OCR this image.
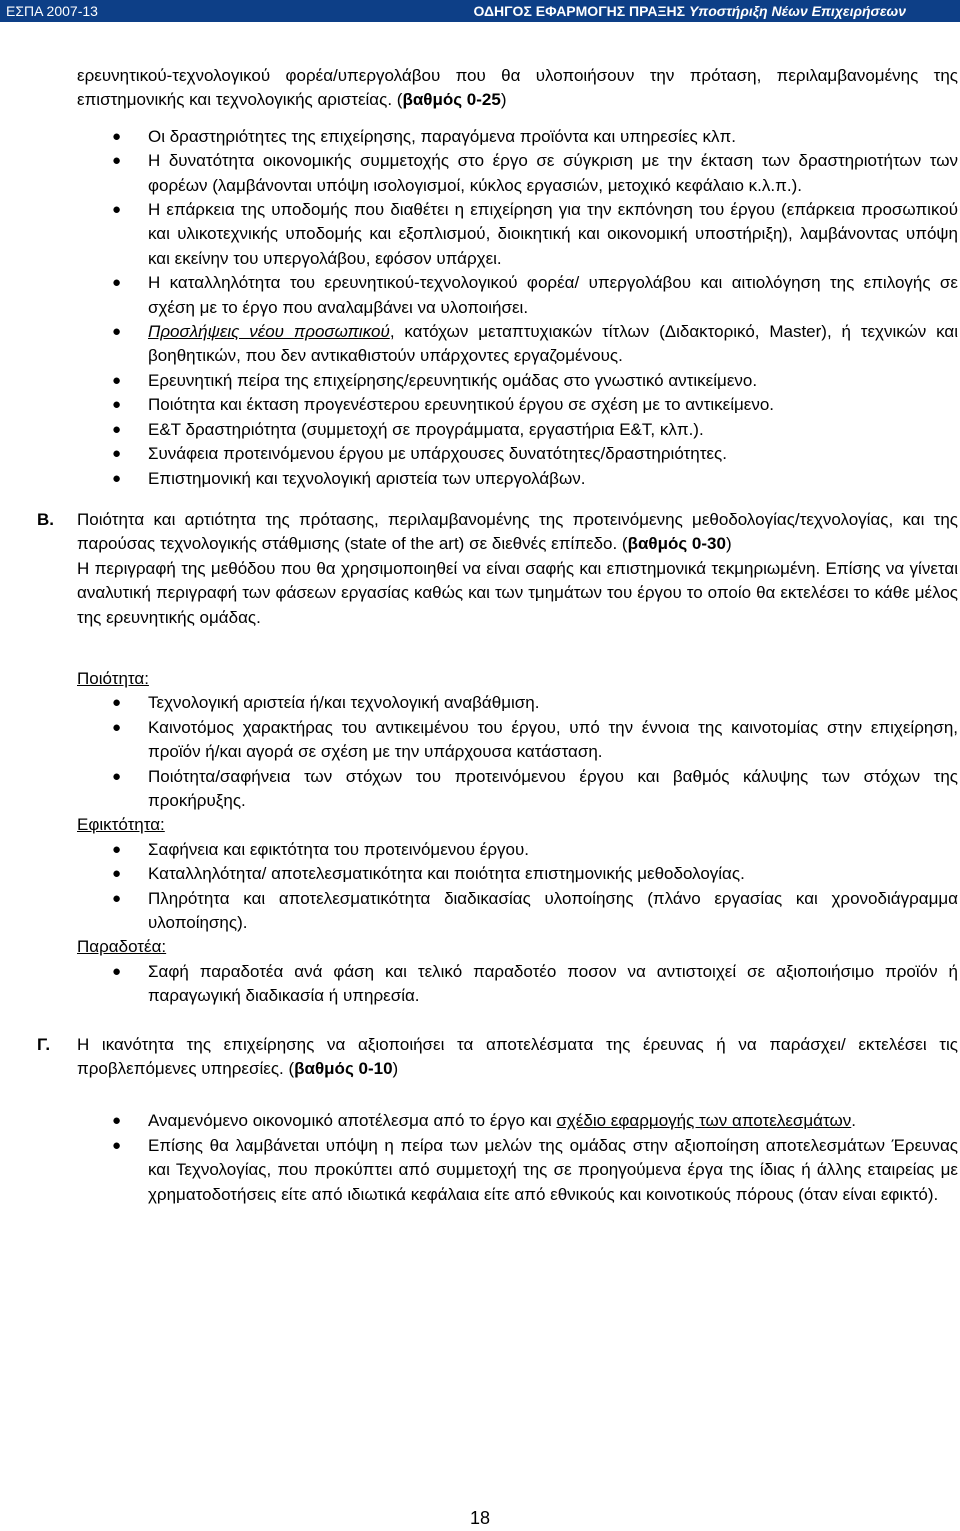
ΕΣΠΑ 2007-13	ΟΔΗΓΟΣ ΕΦΑΡΜΟΓΗΣ ΠΡΑΞΗΣ Υποστήριξη Νέων Επιχειρήσεων

ερευνητικού-τεχνολογικού φορέα/υπεργολάβου που θα υλοποιήσουν την πρόταση, περιλαμβανομένης της επιστημονικής και τεχνολογικής αριστείας. (βαθμός 0-25)

● Οι δραστηριότητες της επιχείρησης, παραγόμενα προϊόντα και υπηρεσίες κλπ.
● Η δυνατότητα οικονομικής συμμετοχής στο έργο σε σύγκριση με την έκταση των δραστηριοτήτων των φορέων (λαμβάνονται υπόψη ισολογισμοί, κύκλος εργασιών, μετοχικό κεφάλαιο κ.λ.π.).
● Η επάρκεια της υποδομής που διαθέτει η επιχείρηση για την εκπόνηση του έργου (επάρκεια προσωπικού και υλικοτεχνικής υποδομής και εξοπλισμού, διοικητική και οικονομική υποστήριξη), λαμβάνοντας υπόψη και εκείνην του υπεργολάβου, εφόσον υπάρχει.
● Η καταλληλότητα του ερευνητικού-τεχνολογικού φορέα/ υπεργολάβου και αιτιολόγηση της επιλογής σε σχέση με το έργο που αναλαμβάνει να υλοποιήσει.
● Προσλήψεις νέου προσωπικού, κατόχων μεταπτυχιακών τίτλων (Διδακτορικό, Master), ή τεχνικών και βοηθητικών, που δεν αντικαθιστούν υπάρχοντες εργαζομένους.
● Ερευνητική πείρα της επιχείρησης/ερευνητικής ομάδας στο γνωστικό αντικείμενο.
● Ποιότητα και έκταση προγενέστερου ερευνητικού έργου σε σχέση με το αντικείμενο.
● Ε&Τ δραστηριότητα (συμμετοχή σε προγράμματα, εργαστήρια Ε&Τ, κλπ.).
● Συνάφεια προτεινόμενου έργου με υπάρχουσες δυνατότητες/δραστηριότητες.
● Επιστημονική και τεχνολογική αριστεία των υπεργολάβων.
Β. Ποιότητα και αρτιότητα της πρότασης, περιλαμβανομένης της προτεινόμενης μεθοδολογίας/τεχνολογίας, και της παρούσας τεχνολογικής στάθμισης (state of the art) σε διεθνές επίπεδο. (βαθμός 0-30)

Η περιγραφή της μεθόδου που θα χρησιμοποιηθεί να είναι σαφής και επιστημονικά τεκμηριωμένη. Επίσης να γίνεται αναλυτική περιγραφή των φάσεων εργασίας καθώς και των τμημάτων του έργου το οποίο θα εκτελέσει το κάθε μέλος της ερευνητικής ομάδας.

Ποιότητα:

● Τεχνολογική αριστεία ή/και τεχνολογική αναβάθμιση.
● Καινοτόμος χαρακτήρας του αντικειμένου του έργου, υπό την έννοια της καινοτομίας στην επιχείρηση, προϊόν ή/και αγορά σε σχέση με την υπάρχουσα κατάσταση.
● Ποιότητα/σαφήνεια των στόχων του προτεινόμενου έργου και βαθμός κάλυψης των στόχων της προκήρυξης.

Εφικτότητα:

● Σαφήνεια και εφικτότητα του προτεινόμενου έργου.
● Καταλληλότητα/ αποτελεσματικότητα και ποιότητα επιστημονικής μεθοδολογίας.
● Πληρότητα και αποτελεσματικότητα διαδικασίας υλοποίησης (πλάνο εργασίας και χρονοδιάγραμμα υλοποίησης).

Παραδοτέα:

● Σαφή παραδοτέα ανά φάση και τελικό παραδοτέο ποσον να αντιστοιχεί σε αξιοποιήσιμο προϊόν ή παραγωγική διαδικασία ή υπηρεσία.
Γ. Η ικανότητα της επιχείρησης να αξιοποιήσει τα αποτελέσματα της έρευνας ή να παράσχει/ εκτελέσει τις προβλεπόμενες υπηρεσίες. (βαθμός 0-10)

● Αναμενόμενο οικονομικό αποτέλεσμα από το έργο και σχέδιο εφαρμογής των αποτελεσμάτων.
● Επίσης θα λαμβάνεται υπόψη η πείρα των μελών της ομάδας στην αξιοποίηση αποτελεσμάτων Έρευνας και Τεχνολογίας, που προκύπτει από συμμετοχή της σε προηγούμενα έργα της ίδιας ή άλλης εταιρείας με χρηματοδοτήσεις είτε από ιδιωτικά κεφάλαια είτε από εθνικούς και κοινοτικούς πόρους (όταν είναι εφικτό).
18
